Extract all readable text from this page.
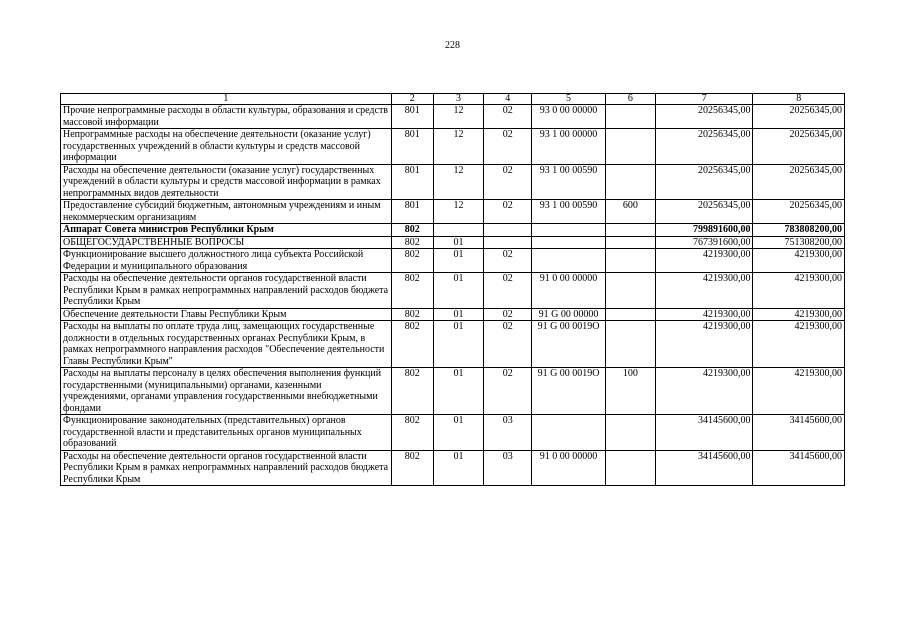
228
1	2	3	4	5	6	7	8
Прочие непрограммные расходы в области культуры, образования и средств массовой информации	801	12	02	93 0 00 00000		20256345,00	20256345,00
Непрограммные расходы на обеспечение деятельности (оказание услуг) государственных учреждений в области культуры и средств массовой информации	801	12	02	93 1 00 00000		20256345,00	20256345,00
Расходы на обеспечение деятельности (оказание услуг) государственных учреждений в области культуры и средств массовой информации в рамках непрограммных видов деятельности	801	12	02	93 1 00 00590		20256345,00	20256345,00
Предоставление субсидий бюджетным, автономным учреждениям и иным некоммерческим организациям	801	12	02	93 1 00 00590	600	20256345,00	20256345,00
Аппарат Совета министров Республики Крым	802					799891600,00	783808200,00
ОБЩЕГОСУДАРСТВЕННЫЕ ВОПРОСЫ	802	01				767391600,00	751308200,00
Функционирование высшего должностного лица субъекта Российской Федерации и муниципального образования	802	01	02			4219300,00	4219300,00
Расходы на обеспечение деятельности органов государственной власти Республики Крым в рамках непрограммных направлений расходов бюджета Республики Крым	802	01	02	91 0 00 00000		4219300,00	4219300,00
Обеспечение деятельности Главы Республики Крым	802	01	02	91 G 00 00000		4219300,00	4219300,00
Расходы на выплаты по оплате труда лиц, замещающих государственные должности в отдельных государственных органах Республики Крым, в рамках непрограммного направления расходов "Обеспечение деятельности Главы Республики Крым"	802	01	02	91 G 00 0019O		4219300,00	4219300,00
Расходы на выплаты персоналу в целях обеспечения выполнения функций государственными (муниципальными) органами, казенными учреждениями, органами управления государственными внебюджетными фондами	802	01	02	91 G 00 0019O	100	4219300,00	4219300,00
Функционирование законодательных (представительных) органов государственной власти и представительных органов муниципальных образований	802	01	03			34145600,00	34145600,00
Расходы на обеспечение деятельности органов государственной власти Республики Крым в рамках непрограммных направлений расходов бюджета Республики Крым	802	01	03	91 0 00 00000		34145600,00	34145600,00
